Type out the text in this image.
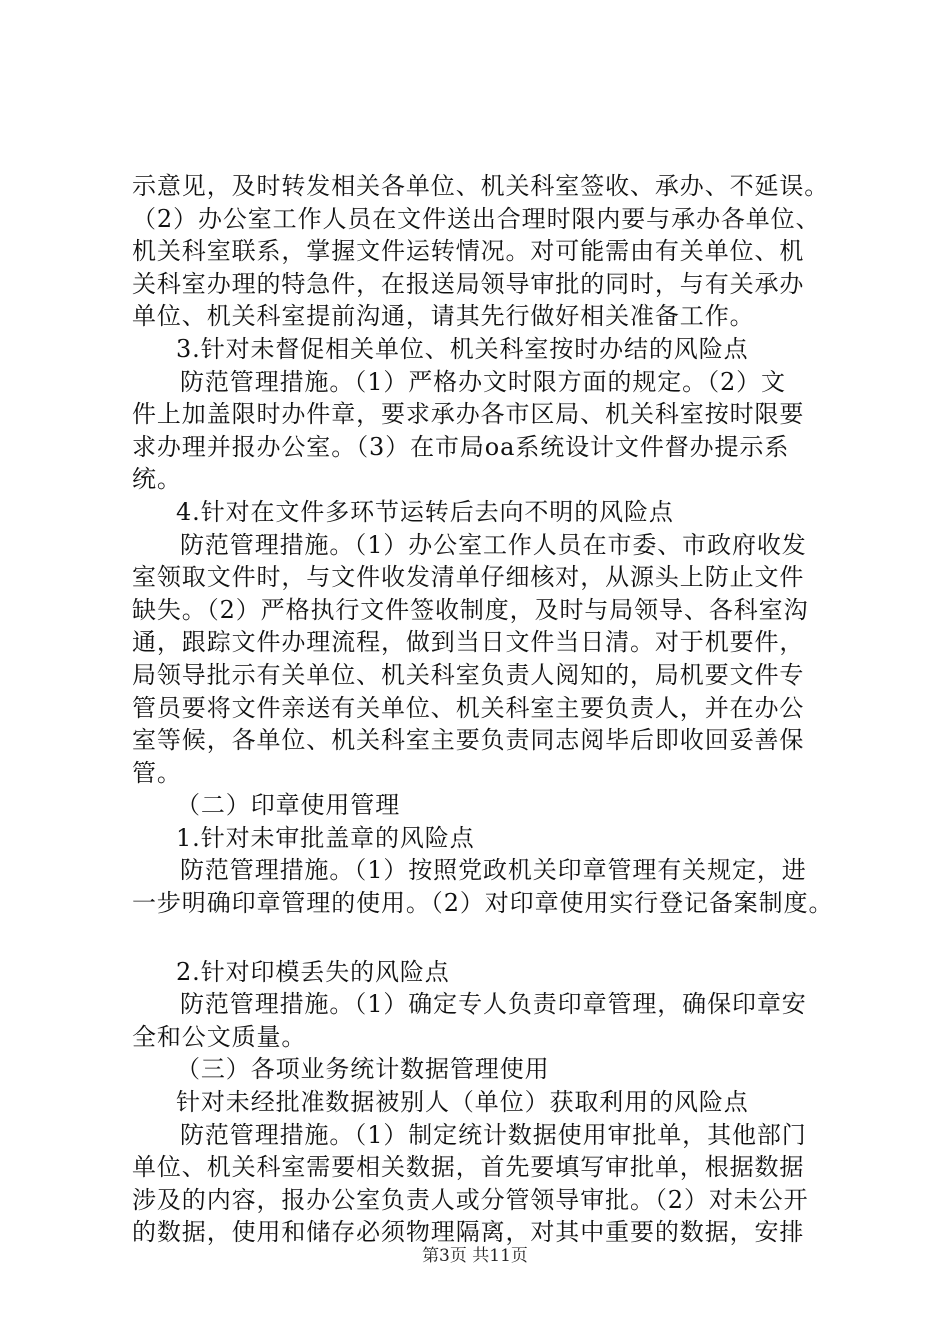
示意见，及时转发相关各单位、机关科室签收、承办、不延误。
（2）办公室工作人员在文件送出合理时限内要与承办各单位、
机关科室联系，掌握文件运转情况。对可能需由有关单位、机
关科室办理的特急件，在报送局领导审批的同时，与有关承办
单位、机关科室提前沟通，请其先行做好相关准备工作。
3.针对未督促相关单位、机关科室按时办结的风险点
防范管理措施。（1）严格办文时限方面的规定。（2）文
件上加盖限时办件章，要求承办各市区局、机关科室按时限要
求办理并报办公室。（3）在市局oa系统设计文件督办提示系
统。
4.针对在文件多环节运转后去向不明的风险点
防范管理措施。（1）办公室工作人员在市委、市政府收发
室领取文件时，与文件收发清单仔细核对，从源头上防止文件
缺失。（2）严格执行文件签收制度，及时与局领导、各科室沟
通，跟踪文件办理流程，做到当日文件当日清。对于机要件，
局领导批示有关单位、机关科室负责人阅知的，局机要文件专
管员要将文件亲送有关单位、机关科室主要负责人，并在办公
室等候，各单位、机关科室主要负责同志阅毕后即收回妥善保
管。
（二）印章使用管理
1.针对未审批盖章的风险点
防范管理措施。（1）按照党政机关印章管理有关规定，进
一步明确印章管理的使用。（2）对印章使用实行登记备案制度。
2.针对印模丢失的风险点
防范管理措施。（1）确定专人负责印章管理，确保印章安
全和公文质量。
（三）各项业务统计数据管理使用
针对未经批准数据被别人（单位）获取利用的风险点
防范管理措施。（1）制定统计数据使用审批单，其他部门
单位、机关科室需要相关数据，首先要填写审批单，根据数据
涉及的内容，报办公室负责人或分管领导审批。（2）对未公开
的数据，使用和储存必须物理隔离，对其中重要的数据，安排
第3页 共11页
